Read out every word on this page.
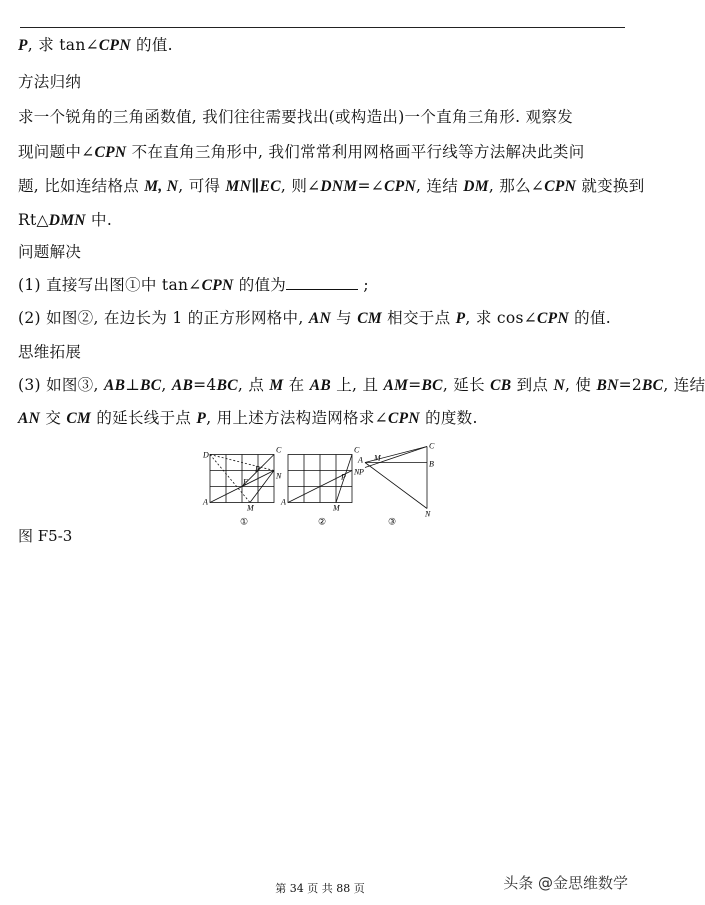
P, 求 tan∠CPN 的值.
方法归纳
求一个锐角的三角函数值, 我们往往需要找出(或构造出)一个直角三角形. 观察发
现问题中∠CPN 不在直角三角形中, 我们常常利用网格画平行线等方法解决此类问
题, 比如连结格点 M, N, 可得 MN∥EC, 则∠DNM=∠CPN, 连结 DM, 那么∠CPN 就变换到
Rt△DMN 中.
问题解决
(1) 直接写出图①中 tan∠CPN 的值为	;
(2) 如图②, 在边长为 1 的正方形网格中, AN 与 CM 相交于点 P, 求 cos∠CPN 的值.
思维拓展
(3) 如图③, AB⊥BC, AB=4BC, 点 M 在 AB 上, 且 AM=BC, 延长 CB 到点 N, 使 BN=2BC, 连结
AN 交 CM 的延长线于点 P, 用上述方法构造网格求∠CPN 的度数.
D
C
P
E
N
A
M
①
C
P
A
M
N
②
A M
C
P
B
N
③
图 F5-3
第 34 页 共 88 页	头条 @金思维数学
